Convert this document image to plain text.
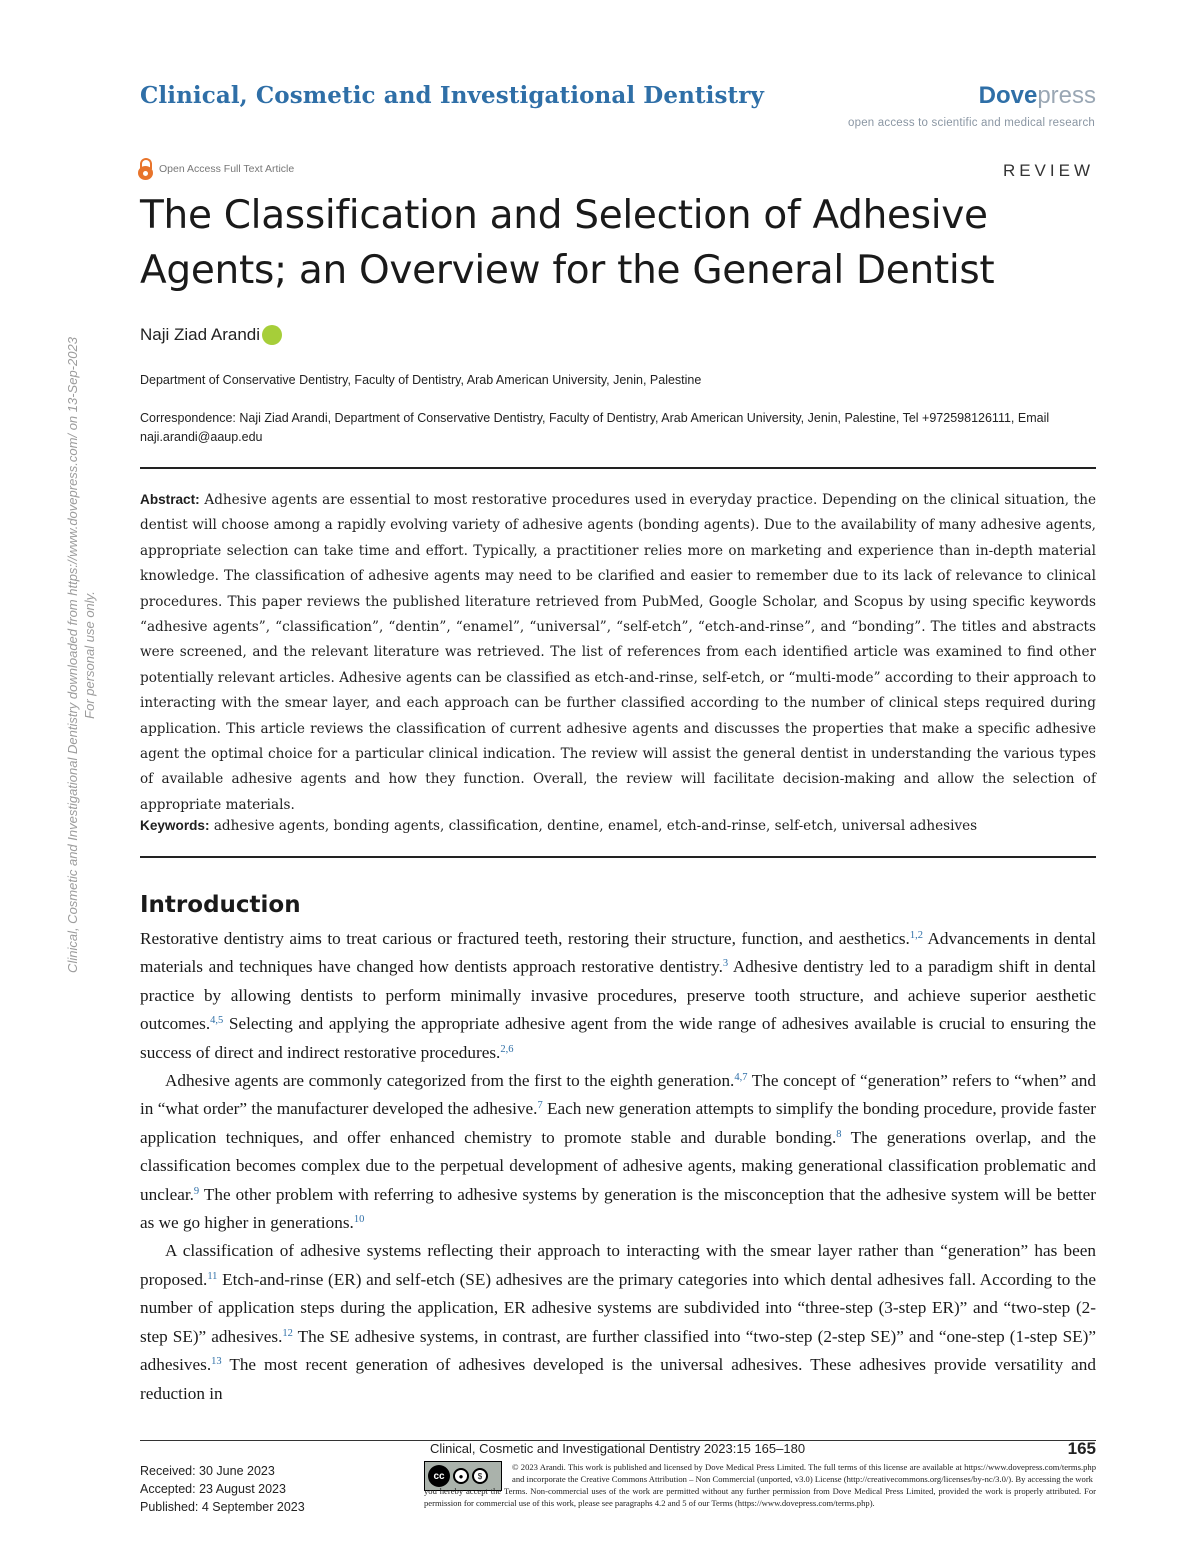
Clinical, Cosmetic and Investigational Dentistry	Dovepress
open access to scientific and medical research
Open Access Full Text Article	REVIEW
The Classification and Selection of Adhesive Agents; an Overview for the General Dentist
Naji Ziad Arandi
Department of Conservative Dentistry, Faculty of Dentistry, Arab American University, Jenin, Palestine
Correspondence: Naji Ziad Arandi, Department of Conservative Dentistry, Faculty of Dentistry, Arab American University, Jenin, Palestine, Tel +972598126111, Email naji.arandi@aaup.edu
Abstract: Adhesive agents are essential to most restorative procedures used in everyday practice. Depending on the clinical situation, the dentist will choose among a rapidly evolving variety of adhesive agents (bonding agents). Due to the availability of many adhesive agents, appropriate selection can take time and effort. Typically, a practitioner relies more on marketing and experience than in-depth material knowledge. The classification of adhesive agents may need to be clarified and easier to remember due to its lack of relevance to clinical procedures. This paper reviews the published literature retrieved from PubMed, Google Scholar, and Scopus by using specific keywords “adhesive agents”, “classification”, “dentin”, “enamel”, “universal”, “self-etch”, “etch-and-rinse”, and “bonding”. The titles and abstracts were screened, and the relevant literature was retrieved. The list of references from each identified article was examined to find other potentially relevant articles. Adhesive agents can be classified as etch-and-rinse, self-etch, or “multi-mode” according to their approach to interacting with the smear layer, and each approach can be further classified according to the number of clinical steps required during application. This article reviews the classification of current adhesive agents and discusses the properties that make a specific adhesive agent the optimal choice for a particular clinical indication. The review will assist the general dentist in understanding the various types of available adhesive agents and how they function. Overall, the review will facilitate decision-making and allow the selection of appropriate materials.
Keywords: adhesive agents, bonding agents, classification, dentine, enamel, etch-and-rinse, self-etch, universal adhesives
Introduction

Restorative dentistry aims to treat carious or fractured teeth, restoring their structure, function, and aesthetics.$^{1,2}$ Advancements in dental materials and techniques have changed how dentists approach restorative dentistry.$^3$ Adhesive dentistry led to a paradigm shift in dental practice by allowing dentists to perform minimally invasive procedures, preserve tooth structure, and achieve superior aesthetic outcomes.$^{4,5}$ Selecting and applying the appropriate adhesive agent from the wide range of adhesives available is crucial to ensuring the success of direct and indirect restorative procedures.$^{2,6}$

Adhesive agents are commonly categorized from the first to the eighth generation.$^{4,7}$ The concept of “generation” refers to “when” and in “what order” the manufacturer developed the adhesive.$^7$ Each new generation attempts to simplify the bonding procedure, provide faster application techniques, and offer enhanced chemistry to promote stable and durable bonding.$^8$ The generations overlap, and the classification becomes complex due to the perpetual development of adhesive agents, making generational classification problematic and unclear.$^9$ The other problem with referring to adhesive systems by generation is the misconception that the adhesive system will be better as we go higher in generations.$^{10}$

A classification of adhesive systems reflecting their approach to interacting with the smear layer rather than “generation” has been proposed.$^{11}$ Etch-and-rinse (ER) and self-etch (SE) adhesives are the primary categories into which dental adhesives fall. According to the number of application steps during the application, ER adhesive systems are subdivided into “three-step (3-step ER)” and “two-step (2-step SE)” adhesives.$^{12}$ The SE adhesive systems, in contrast, are further classified into “two-step (2-step SE)” and “one-step (1-step SE)” adhesives.$^{13}$ The most recent generation of adhesives developed is the universal adhesives. These adhesives provide versatility and reduction in

Clinical, Cosmetic and Investigational Dentistry downloaded from https://www.dovepress.com/ on 13-Sep-2023 For personal use only.
Clinical, Cosmetic and Investigational Dentistry 2023:15 165–180	165
Received: 30 June 2023
Accepted: 23 August 2023
Published: 4 September 2023
cc	●	$
© 2023 Arandi. This work is published and licensed by Dove Medical Press Limited. The full terms of this license are available at https://www.dovepress.com/terms.php and incorporate the Creative Commons Attribution – Non Commercial (unported, v3.0) License (http://creativecommons.org/licenses/by-nc/3.0/). By accessing the work
you hereby accept the Terms. Non-commercial uses of the work are permitted without any further permission from Dove Medical Press Limited, provided the work is properly attributed. For permission for commercial use of this work, please see paragraphs 4.2 and 5 of our Terms (https://www.dovepress.com/terms.php).
